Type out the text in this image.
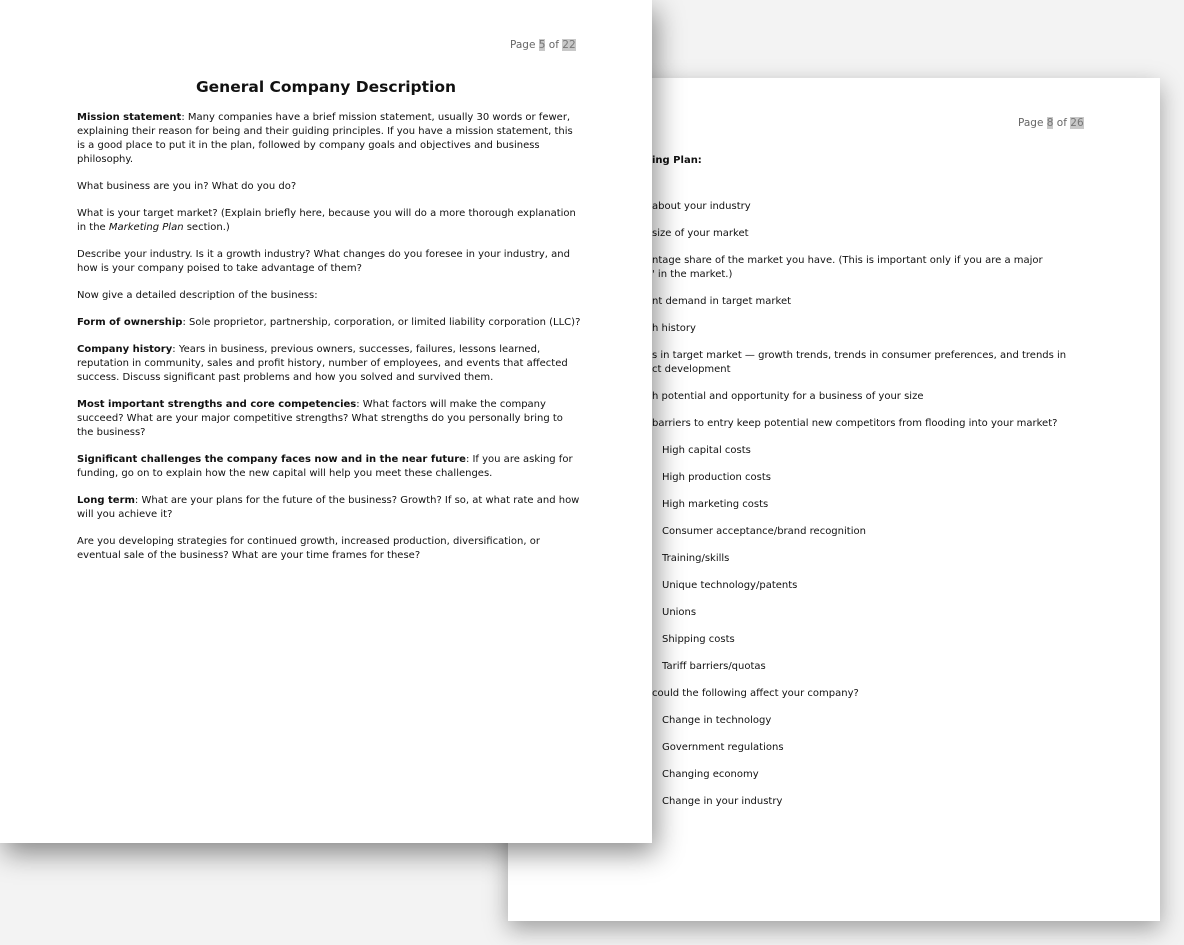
Page 8 of 26
ing Plan:

about your industry

size of your market

ntage share of the market you have. (This is important only if you are a major
' in the market.)

nt demand in target market

h history

s in target market — growth trends, trends in consumer preferences, and trends in
ct development

h potential and opportunity for a business of your size

barriers to entry keep potential new competitors from flooding into your market?

High capital costs

High production costs

High marketing costs

Consumer acceptance/brand recognition

Training/skills

Unique technology/patents

Unions

Shipping costs

Tariff barriers/quotas

could the following affect your company?

Change in technology

Government regulations

Changing economy

Change in your industry

Page 5 of 22
General Company Description

Mission statement: Many companies have a brief mission statement, usually 30 words or fewer, explaining their reason for being and their guiding principles. If you have a mission statement, this is a good place to put it in the plan, followed by company goals and objectives and business philosophy.

What business are you in? What do you do?

What is your target market? (Explain briefly here, because you will do a more thorough explanation in the Marketing Plan section.)

Describe your industry. Is it a growth industry? What changes do you foresee in your industry, and how is your company poised to take advantage of them?

Now give a detailed description of the business:

Form of ownership: Sole proprietor, partnership, corporation, or limited liability corporation (LLC)?

Company history: Years in business, previous owners, successes, failures, lessons learned, reputation in community, sales and profit history, number of employees, and events that affected success. Discuss significant past problems and how you solved and survived them.

Most important strengths and core competencies: What factors will make the company succeed? What are your major competitive strengths? What strengths do you personally bring to the business?

Significant challenges the company faces now and in the near future: If you are asking for funding, go on to explain how the new capital will help you meet these challenges.

Long term: What are your plans for the future of the business? Growth? If so, at what rate and how will you achieve it?

Are you developing strategies for continued growth, increased production, diversification, or eventual sale of the business? What are your time frames for these?
